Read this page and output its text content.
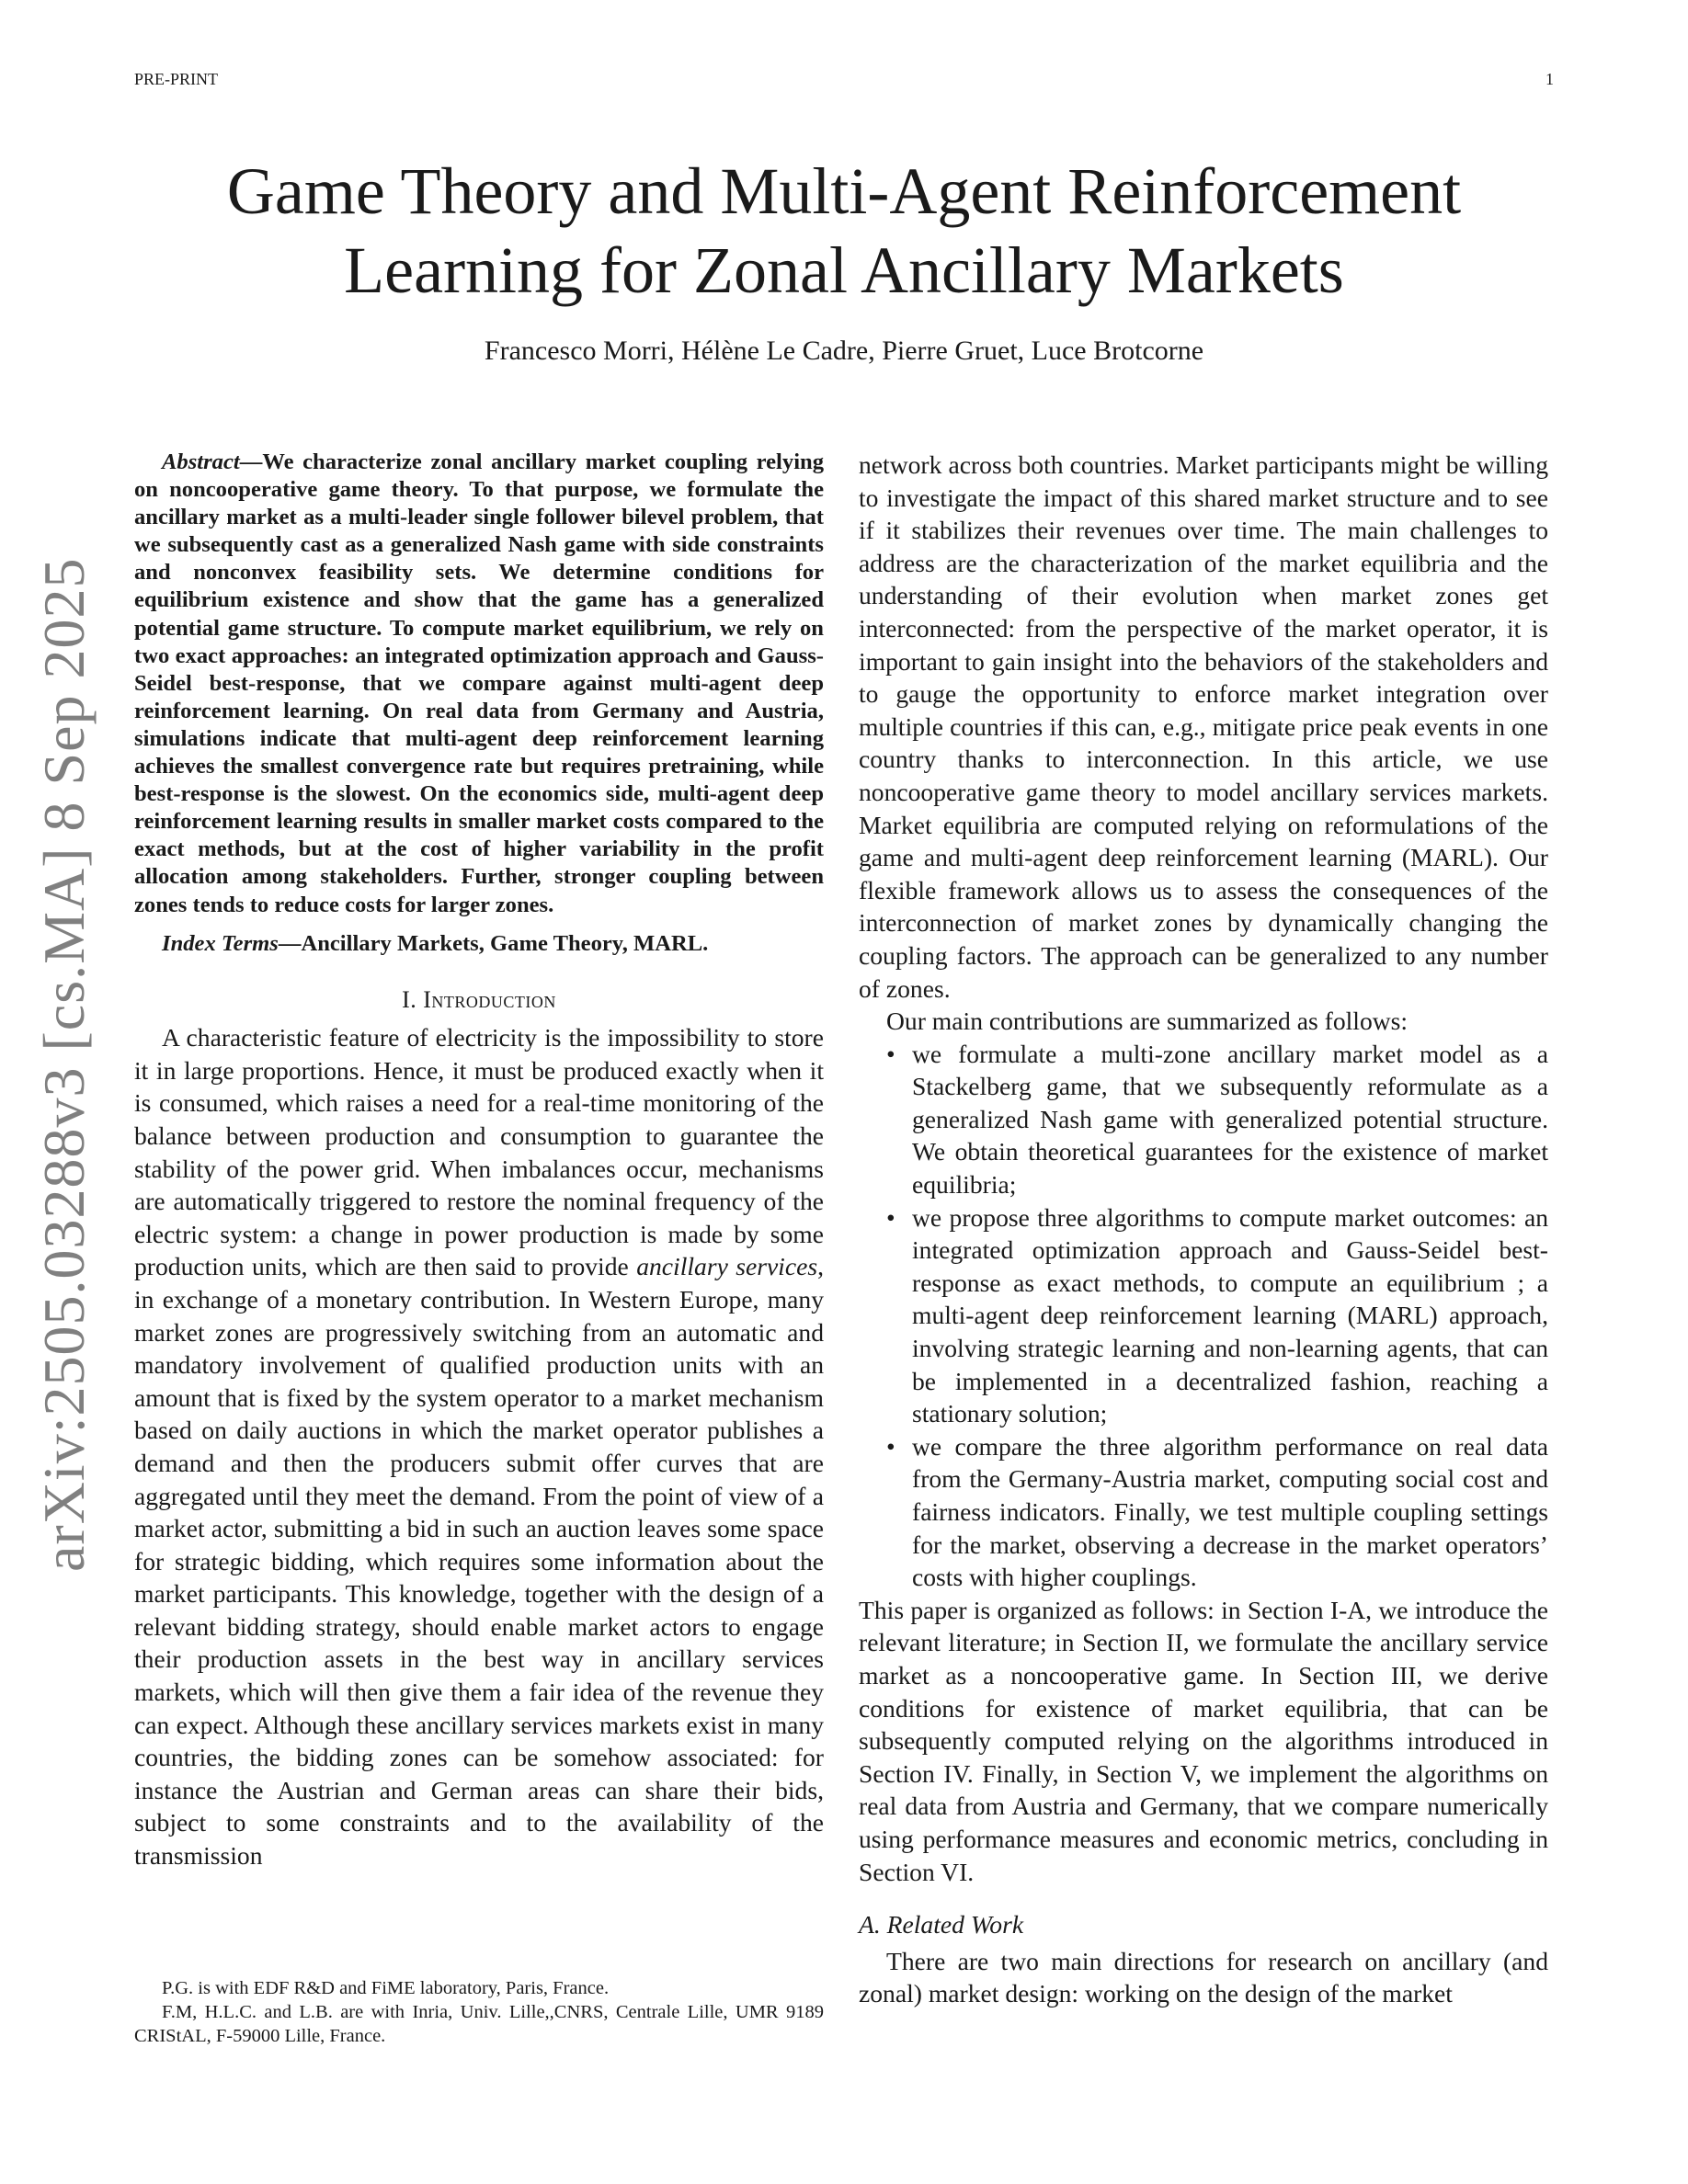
PRE-PRINT	1
arXiv:2505.03288v3 [cs.MA] 8 Sep 2025
Game Theory and Multi-Agent Reinforcement
Learning for Zonal Ancillary Markets
Francesco Morri, Hélène Le Cadre, Pierre Gruet, Luce Brotcorne

Abstract—We characterize zonal ancillary market coupling relying on noncooperative game theory. To that purpose, we formulate the ancillary market as a multi-leader single follower bilevel problem, that we subsequently cast as a generalized Nash game with side constraints and nonconvex feasibility sets. We determine conditions for equilibrium existence and show that the game has a generalized potential game structure. To compute market equilibrium, we rely on two exact approaches: an integrated optimization approach and Gauss-Seidel best-response, that we compare against multi-agent deep reinforcement learning. On real data from Germany and Austria, simulations indicate that multi-agent deep reinforcement learning achieves the smallest convergence rate but requires pretraining, while best-response is the slowest. On the economics side, multi-agent deep reinforcement learning results in smaller market costs compared to the exact methods, but at the cost of higher variability in the profit allocation among stakeholders. Further, stronger coupling between zones tends to reduce costs for larger zones.

Index Terms—Ancillary Markets, Game Theory, MARL.

I. Introduction

A characteristic feature of electricity is the impossibility to store it in large proportions. Hence, it must be produced exactly when it is consumed, which raises a need for a real-time monitoring of the balance between production and consumption to guarantee the stability of the power grid. When imbalances occur, mechanisms are automatically triggered to restore the nominal frequency of the electric system: a change in power production is made by some production units, which are then said to provide ancillary services, in exchange of a monetary contribution. In Western Europe, many market zones are progressively switching from an automatic and mandatory involvement of qualified production units with an amount that is fixed by the system operator to a market mechanism based on daily auctions in which the market operator publishes a demand and then the producers submit offer curves that are aggregated until they meet the demand. From the point of view of a market actor, submitting a bid in such an auction leaves some space for strategic bidding, which requires some information about the market participants. This knowledge, together with the design of a relevant bidding strategy, should enable market actors to engage their production assets in the best way in ancillary services markets, which will then give them a fair idea of the revenue they can expect. Although these ancillary services markets exist in many countries, the bidding zones can be somehow associated: for instance the Austrian and German areas can share their bids, subject to some constraints and to the availability of the transmission

network across both countries. Market participants might be willing to investigate the impact of this shared market structure and to see if it stabilizes their revenues over time. The main challenges to address are the characterization of the market equilibria and the understanding of their evolution when market zones get interconnected: from the perspective of the market operator, it is important to gain insight into the behaviors of the stakeholders and to gauge the opportunity to enforce market integration over multiple countries if this can, e.g., mitigate price peak events in one country thanks to interconnection. In this article, we use noncooperative game theory to model ancillary services markets. Market equilibria are computed relying on reformulations of the game and multi-agent deep reinforcement learning (MARL). Our flexible framework allows us to assess the consequences of the interconnection of market zones by dynamically changing the coupling factors. The approach can be generalized to any number of zones.

Our main contributions are summarized as follows:

• we formulate a multi-zone ancillary market model as a Stackelberg game, that we subsequently reformulate as a generalized Nash game with generalized potential structure. We obtain theoretical guarantees for the existence of market equilibria;
• we propose three algorithms to compute market outcomes: an integrated optimization approach and Gauss-Seidel best-response as exact methods, to compute an equilibrium ; a multi-agent deep reinforcement learning (MARL) approach, involving strategic learning and non-learning agents, that can be implemented in a decentralized fashion, reaching a stationary solution;
• we compare the three algorithm performance on real data from the Germany-Austria market, computing social cost and fairness indicators. Finally, we test multiple coupling settings for the market, observing a decrease in the market operators’ costs with higher couplings.

This paper is organized as follows: in Section I-A, we introduce the relevant literature; in Section II, we formulate the ancillary service market as a noncooperative game. In Section III, we derive conditions for existence of market equilibria, that can be subsequently computed relying on the algorithms introduced in Section IV. Finally, in Section V, we implement the algorithms on real data from Austria and Germany, that we compare numerically using performance measures and economic metrics, concluding in Section VI.

A. Related Work

There are two main directions for research on ancillary (and zonal) market design: working on the design of the market

P.G. is with EDF R&D and FiME laboratory, Paris, France.
F.M, H.L.C. and L.B. are with Inria, Univ. Lille,,CNRS, Centrale Lille, UMR 9189 CRIStAL, F-59000 Lille, France.
